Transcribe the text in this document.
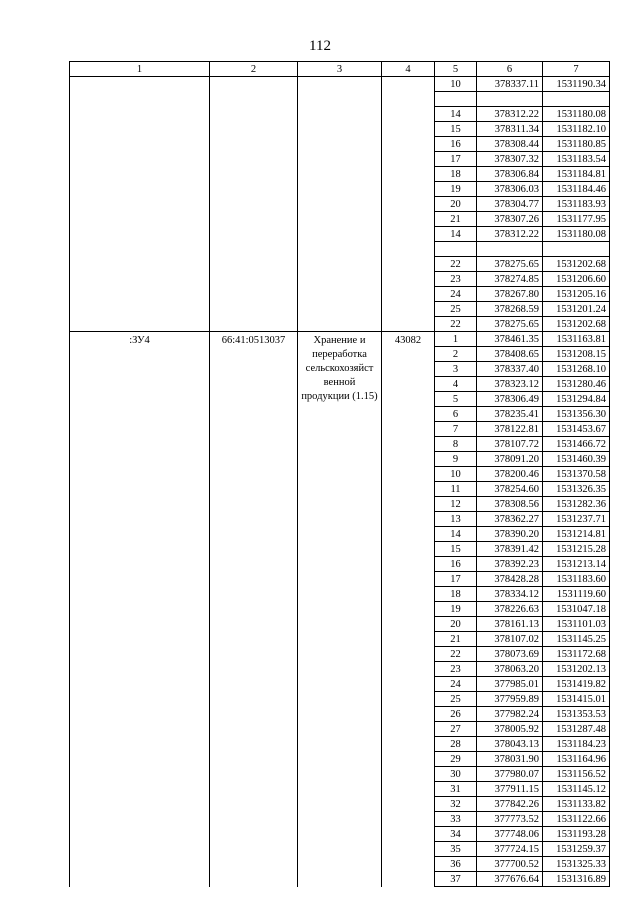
112
1	2	3	4	5	6	7
				10	378337.11	1531190.34

				14	378312.22	1531180.08
				15	378311.34	1531182.10
				16	378308.44	1531180.85
				17	378307.32	1531183.54
				18	378306.84	1531184.81
				19	378306.03	1531184.46
				20	378304.77	1531183.93
				21	378307.26	1531177.95
				14	378312.22	1531180.08

				22	378275.65	1531202.68
				23	378274.85	1531206.60
				24	378267.80	1531205.16
				25	378268.59	1531201.24
				22	378275.65	1531202.68
:ЗУ4	66:41:0513037	Хранение и переработка сельскохозяйст венной продукции (1.15)	43082	1	378461.35	1531163.81
				2	378408.65	1531208.15
				3	378337.40	1531268.10
				4	378323.12	1531280.46
				5	378306.49	1531294.84
				6	378235.41	1531356.30
				7	378122.81	1531453.67
				8	378107.72	1531466.72
				9	378091.20	1531460.39
				10	378200.46	1531370.58
				11	378254.60	1531326.35
				12	378308.56	1531282.36
				13	378362.27	1531237.71
				14	378390.20	1531214.81
				15	378391.42	1531215.28
				16	378392.23	1531213.14
				17	378428.28	1531183.60
				18	378334.12	1531119.60
				19	378226.63	1531047.18
				20	378161.13	1531101.03
				21	378107.02	1531145.25
				22	378073.69	1531172.68
				23	378063.20	1531202.13
				24	377985.01	1531419.82
				25	377959.89	1531415.01
				26	377982.24	1531353.53
				27	378005.92	1531287.48
				28	378043.13	1531184.23
				29	378031.90	1531164.96
				30	377980.07	1531156.52
				31	377911.15	1531145.12
				32	377842.26	1531133.82
				33	377773.52	1531122.66
				34	377748.06	1531193.28
				35	377724.15	1531259.37
				36	377700.52	1531325.33
				37	377676.64	1531316.89
